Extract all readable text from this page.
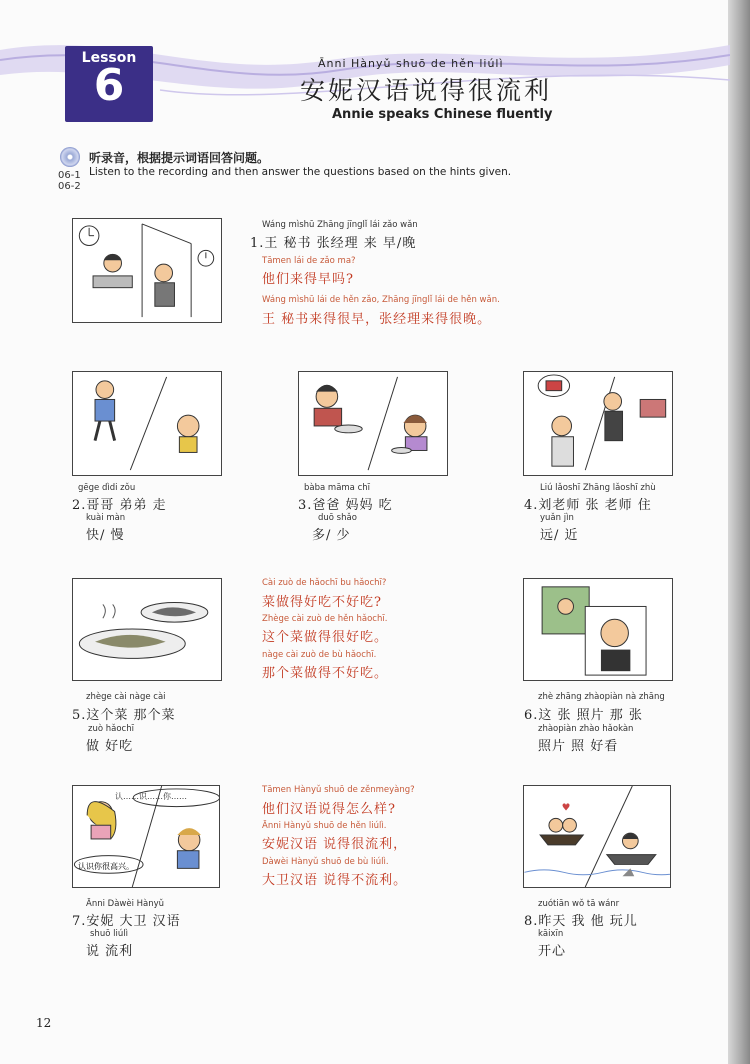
Lesson
6	Ānni Hànyǔ shuō de hěn liúlì
安妮汉语说得很流利
Annie speaks Chinese fluently
06-1
06-2
听录音，根据提示词语回答问题。
Listen to the recording and then answer the questions based on the hints given.
Wáng mìshū Zhāng jīnglǐ lái zǎo wǎn
1.王 秘书 张经理 来 早/晚
Tāmen lái de zǎo ma?
他们来得早吗?
Wáng mìshū lái de hěn zǎo, Zhāng jīnglǐ lái de hěn wǎn.
王 秘书来得很早，张经理来得很晚。
gēge dìdi zǒu
2.哥哥 弟弟 走
kuài màn
快/ 慢
bàba māma chī
3.爸爸 妈妈 吃
duō shǎo
多/ 少
Liú lǎoshī Zhāng lǎoshī zhù
4.刘老师 张 老师 住
yuǎn jìn
远/ 近
Cài zuò de hǎochī bu hǎochī?
菜做得好吃不好吃?
Zhège cài zuò de hěn hǎochī.
这个菜做得很好吃。
nàge cài zuò de bù hǎochī.
那个菜做得不好吃。
zhège cài nàge cài
5.这个菜 那个菜
zuò hǎochī
做 好吃
zhè zhāng zhàopiàn nà zhāng
6.这 张 照片 那 张
zhàopiàn zhào hǎokàn
照片 照 好看
认……识……你……
认识你很高兴。
Tāmen Hànyǔ shuō de zěnmeyàng?
他们汉语说得怎么样?
Ānni Hànyǔ shuō de hěn liúlì.
安妮汉语 说得很流利，
Dàwèi Hànyǔ shuō de bù liúlì.
大卫汉语 说得不流利。
Ānni Dàwèi Hànyǔ
7.安妮 大卫 汉语
shuō liúlì
说 流利
♥
zuótiān wǒ tā wánr
8.昨天 我 他 玩儿
kāixīn
开心
12
